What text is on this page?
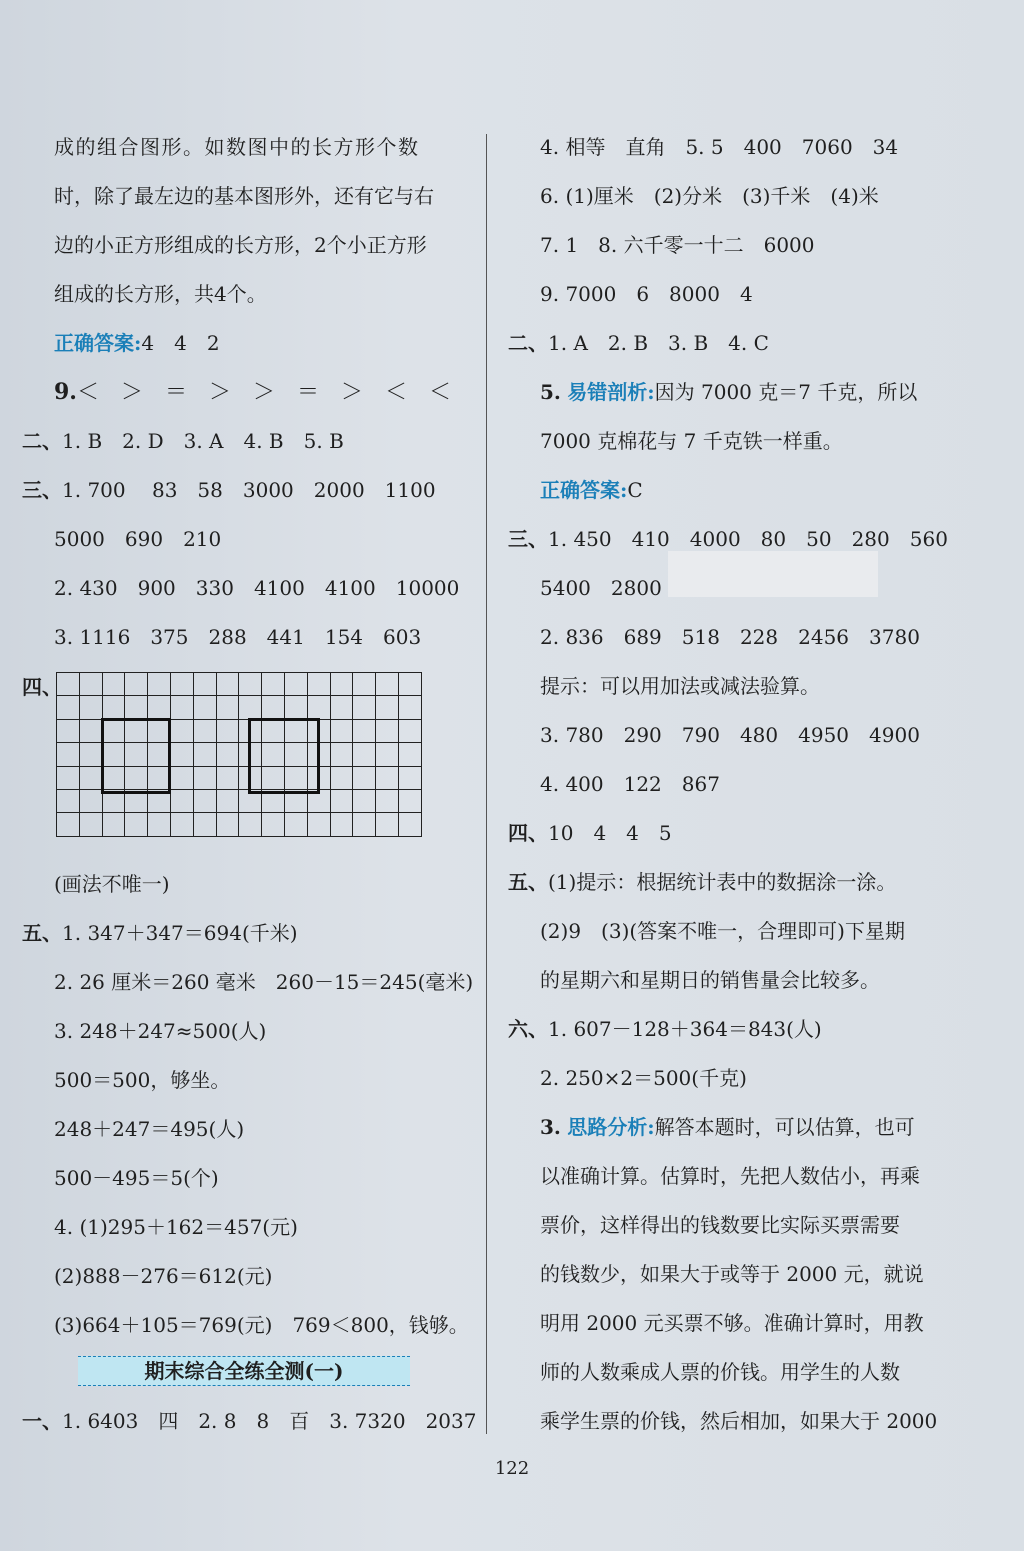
成的组合图形。如数图中的长方形个数
时，除了最左边的基本图形外，还有它与右
边的小正方形组成的长方形，2个小正方形
组成的长方形，共4个。
正确答案:4　4　2
9.＜　＞　＝　＞　＞　＝　＞　＜　＜
二、1. B　2. D　3. A　4. B　5. B
三、1. 700　 83　58　3000　2000　1100
5000　690　210
2. 430　900　330　4100　4100　10000
3. 1116　375　288　441　154　603
四、

(画法不唯一)
五、1. 347＋347＝694(千米)
2. 26 厘米＝260 毫米　260－15＝245(毫米)
3. 248＋247≈500(人)
500＝500，够坐。
248＋247＝495(人)
500－495＝5(个)
4. (1)295＋162＝457(元)
(2)888－276＝612(元)
(3)664＋105＝769(元)　769＜800，钱够。
期末综合全练全测(一)
一、1. 6403　四　2. 8　8　百　3. 7320　2037
4. 相等　直角　5. 5　400　7060　34
6. (1)厘米　(2)分米　(3)千米　(4)米
7. 1　8. 六千零一十二　6000
9. 7000　6　8000　4
二、1. A　2. B　3. B　4. C
5. 易错剖析:因为 7000 克＝7 千克，所以
7000 克棉花与 7 千克铁一样重。
正确答案:C
三、1. 450　410　4000　80　50　280　560
5400　2800
2. 836　689　518　228　2456　3780
提示：可以用加法或减法验算。
3. 780　290　790　480　4950　4900
4. 400　122　867
四、10　4　4　5
五、(1)提示：根据统计表中的数据涂一涂。
(2)9　(3)(答案不唯一，合理即可)下星期
的星期六和星期日的销售量会比较多。
六、1. 607－128＋364＝843(人)
2. 250×2＝500(千克)
3. 思路分析:解答本题时，可以估算，也可
以准确计算。估算时，先把人数估小，再乘
票价，这样得出的钱数要比实际买票需要
的钱数少，如果大于或等于 2000 元，就说
明用 2000 元买票不够。准确计算时，用教
师的人数乘成人票的价钱。用学生的人数
乘学生票的价钱，然后相加，如果大于 2000
122
